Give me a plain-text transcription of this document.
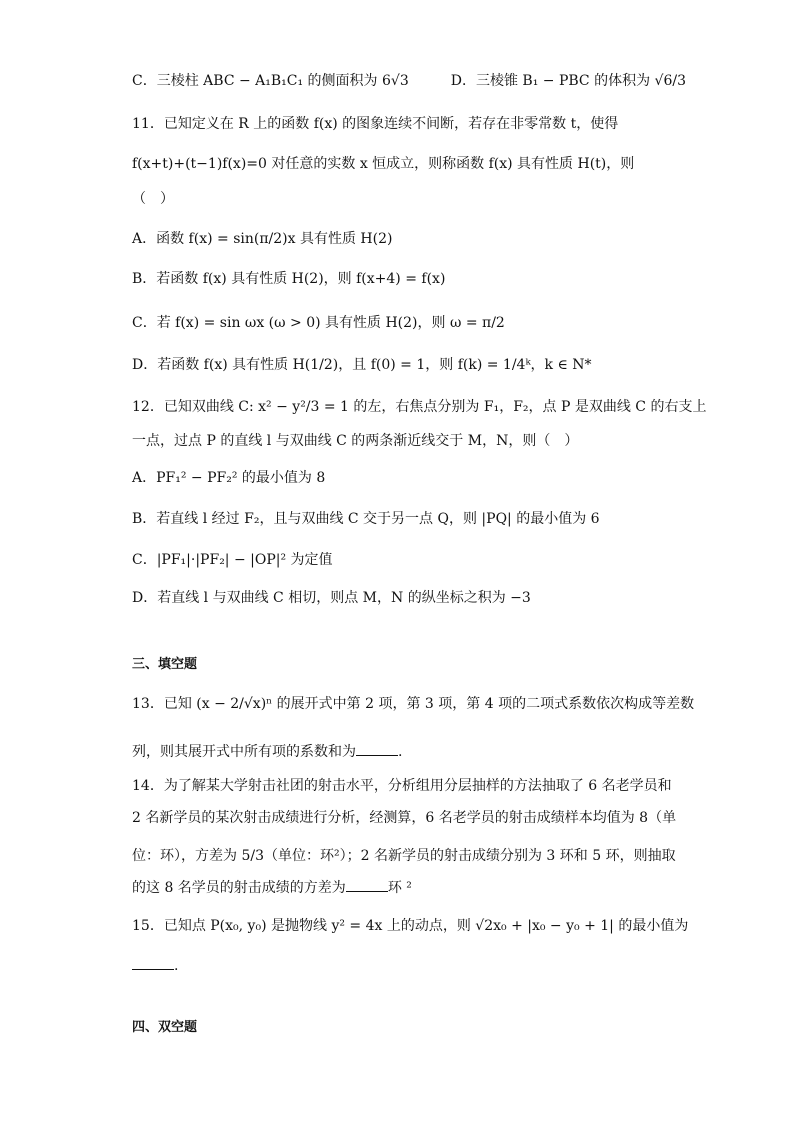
C．三棱柱 ABC − A₁B₁C₁ 的侧面积为 6√3　　　D．三棱锥 B₁ − PBC 的体积为 √6/3
11．已知定义在 R 上的函数 f(x) 的图象连续不间断，若存在非零常数 t，使得
f(x+t)+(t−1)f(x)=0 对任意的实数 x 恒成立，则称函数 f(x) 具有性质 H(t)，则
（　）
A．函数 f(x) = sin(π/2)x 具有性质 H(2)
B．若函数 f(x) 具有性质 H(2)，则 f(x+4) = f(x)
C．若 f(x) = sin ωx (ω > 0) 具有性质 H(2)，则 ω = π/2
D．若函数 f(x) 具有性质 H(1/2)，且 f(0) = 1，则 f(k) = 1/4ᵏ，k ∈ N*
12．已知双曲线 C: x² − y²/3 = 1 的左，右焦点分别为 F₁，F₂，点 P 是双曲线 C 的右支上
一点，过点 P 的直线 l 与双曲线 C 的两条渐近线交于 M，N，则（　）
A．PF₁² − PF₂² 的最小值为 8
B．若直线 l 经过 F₂，且与双曲线 C 交于另一点 Q，则 |PQ| 的最小值为 6
C．|PF₁|·|PF₂| − |OP|² 为定值
D．若直线 l 与双曲线 C 相切，则点 M，N 的纵坐标之积为 −3
三、填空题
13．已知 (x − 2/√x)ⁿ 的展开式中第 2 项，第 3 项，第 4 项的二项式系数依次构成等差数
列，则其展开式中所有项的系数和为	.
14．为了解某大学射击社团的射击水平，分析组用分层抽样的方法抽取了 6 名老学员和
2 名新学员的某次射击成绩进行分析，经测算，6 名老学员的射击成绩样本均值为 8（单
位：环），方差为 5/3（单位：环²）；2 名新学员的射击成绩分别为 3 环和 5 环，则抽取
的这 8 名学员的射击成绩的方差为	环 ²
15．已知点 P(x₀, y₀) 是抛物线 y² = 4x 上的动点，则 √2x₀ + |x₀ − y₀ + 1| 的最小值为
.
四、双空题
